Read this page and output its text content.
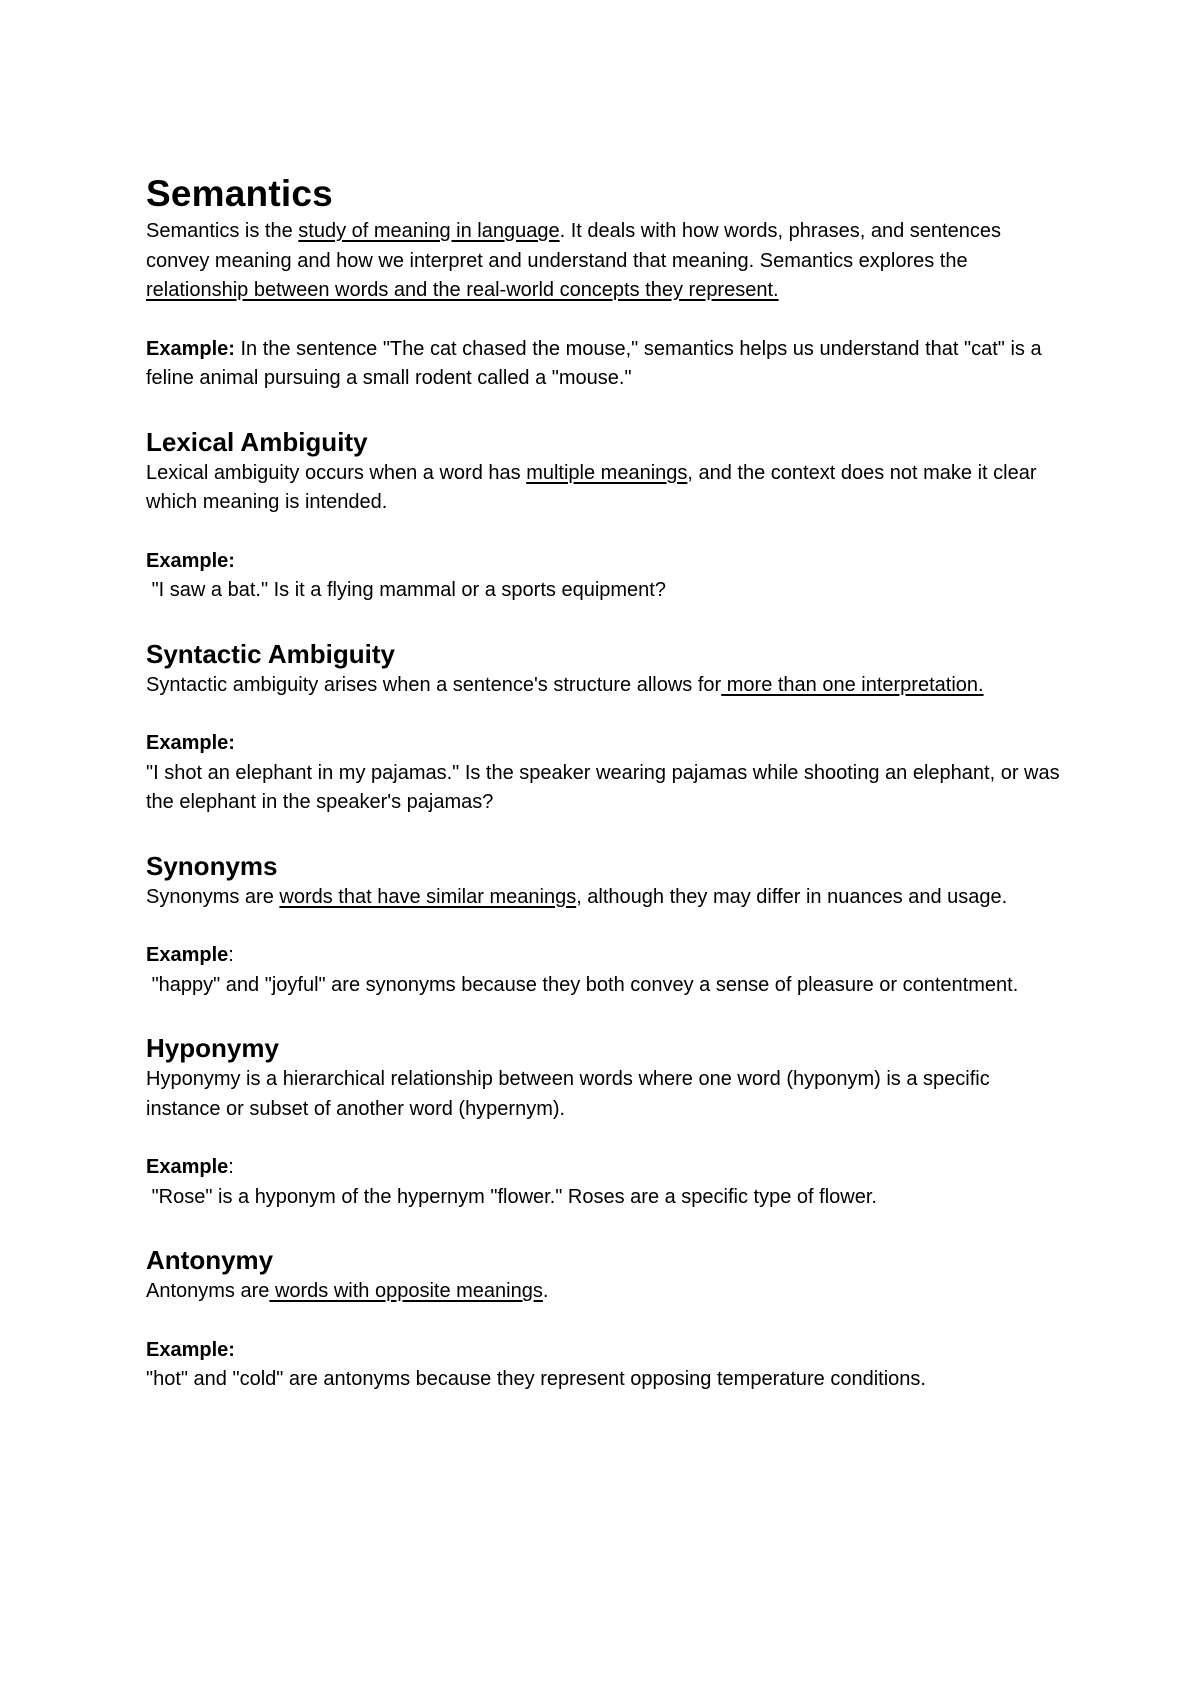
Semantics

Semantics is the study of meaning in language. It deals with how words, phrases, and sentences convey meaning and how we interpret and understand that meaning. Semantics explores the relationship between words and the real-world concepts they represent.

Example: In the sentence "The cat chased the mouse," semantics helps us understand that "cat" is a feline animal pursuing a small rodent called a "mouse."

Lexical Ambiguity

Lexical ambiguity occurs when a word has multiple meanings, and the context does not make it clear which meaning is intended.

Example:

"I saw a bat." Is it a flying mammal or a sports equipment?

Syntactic Ambiguity

Syntactic ambiguity arises when a sentence's structure allows for more than one interpretation.

Example:

"I shot an elephant in my pajamas." Is the speaker wearing pajamas while shooting an elephant, or was the elephant in the speaker's pajamas?

Synonyms

Synonyms are words that have similar meanings, although they may differ in nuances and usage.

Example:

"happy" and "joyful" are synonyms because they both convey a sense of pleasure or contentment.

Hyponymy

Hyponymy is a hierarchical relationship between words where one word (hyponym) is a specific instance or subset of another word (hypernym).

Example:

"Rose" is a hyponym of the hypernym "flower." Roses are a specific type of flower.

Antonymy

Antonyms are words with opposite meanings.

Example:

"hot" and "cold" are antonyms because they represent opposing temperature conditions.
